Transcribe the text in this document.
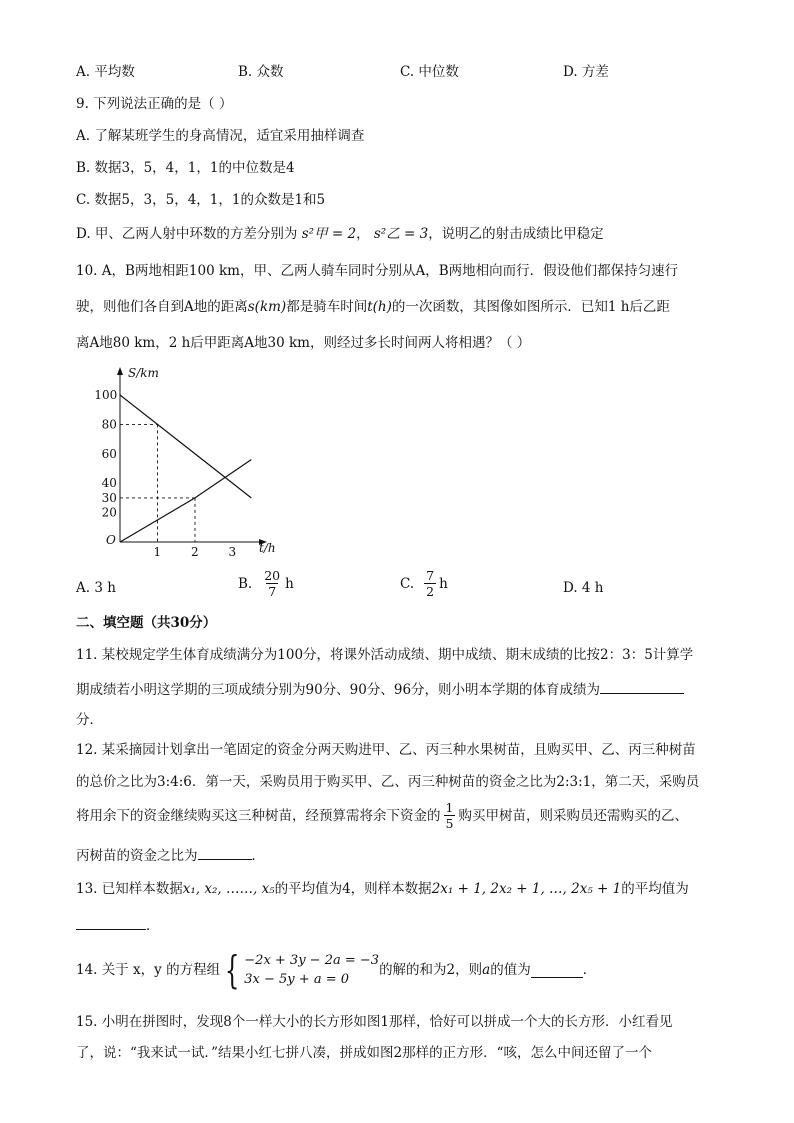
A. 平均数	B. 众数	C. 中位数	D. 方差
9. 下列说法正确的是（ ）
A. 了解某班学生的身高情况，适宜采用抽样调查
B. 数据3，5，4，1，1的中位数是4
C. 数据5，3，5，4，1，1的众数是1和5
D. 甲、乙两人射中环数的方差分别为 s²甲 = 2， s²乙 = 3，说明乙的射击成绩比甲稳定
10. A，B两地相距100 km，甲、乙两人骑车同时分别从A，B两地相向而行．假设他们都保持匀速行
驶，则他们各自到A地的距离s(km)都是骑车时间t(h)的一次函数，其图像如图所示．已知1 h后乙距
离A地80 km，2 h后甲距离A地30 km，则经过多长时间两人将相遇？（ ）
S/km
t/h
O
1 2 3
20
30
40
60
80
100
A. 3 h	B. $\frac{20}{7}$ h	C. $\frac{7}{2}$ h	D. 4 h
二、填空题（共30分）
11. 某校规定学生体育成绩满分为100分，将课外活动成绩、期中成绩、期末成绩的比按2：3：5计算学
期成绩若小明这学期的三项成绩分别为90分、90分、96分，则小明本学期的体育成绩为
分．
12. 某采摘园计划拿出一笔固定的资金分两天购进甲、乙、丙三种水果树苗，且购买甲、乙、丙三种树苗
的总价之比为3:4:6．第一天，采购员用于购买甲、乙、丙三种树苗的资金之比为2:3:1，第二天，采购员
将用余下的资金继续购买这三种树苗，经预算需将余下资金的 $\frac{1}{5}$ 购买甲树苗，则采购员还需购买的乙、
丙树苗的资金之比为	．
13. 已知样本数据x₁, x₂, ……, x₅的平均值为4，则样本数据2x₁ + 1, 2x₂ + 1, …, 2x₅ + 1的平均值为
．
14. 关于 x，y 的方程组 { −2x + 3y − 2a = −3
3x − 5y + a = 0
的解的和为2，则 a 的值为	．
15. 小明在拼图时，发现8个一样大小的长方形如图1那样，恰好可以拼成一个大的长方形．小红看见
了，说：“我来试一试．”结果小红七拼八凑，拼成如图2那样的正方形．“咳，怎么中间还留了一个
